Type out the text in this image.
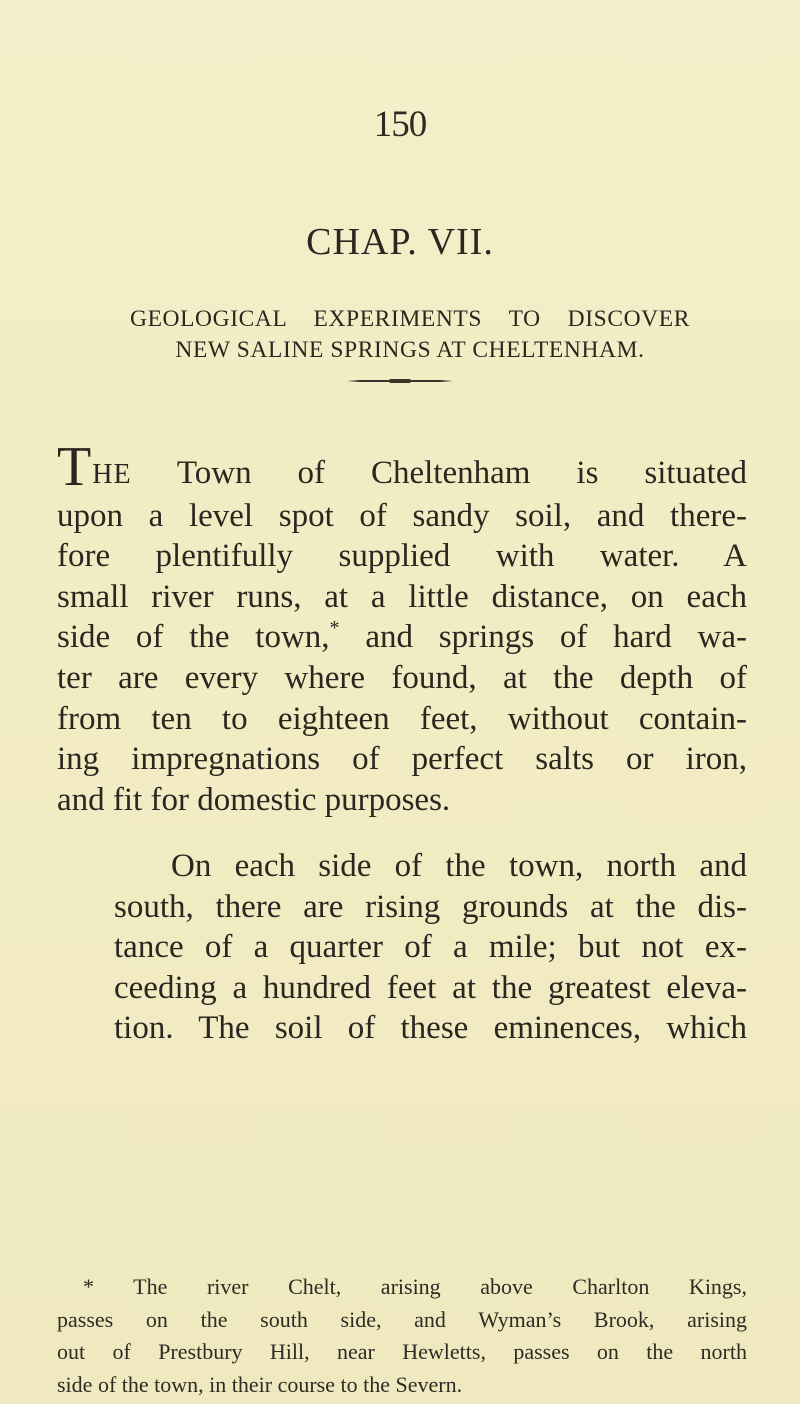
150
CHAP. VII.
GEOLOGICAL EXPERIMENTS TO DISCOVER
NEW SALINE SPRINGS AT CHELTENHAM.
THE Town of Cheltenham is situated
upon a level spot of sandy soil, and there-
fore plentifully supplied with water. A
small river runs, at a little distance, on each
side of the town,* and springs of hard wa-
ter are every where found, at the depth of
from ten to eighteen feet, without contain-
ing impregnations of perfect salts or iron,
and fit for domestic purposes.
On each side of the town, north and
south, there are rising grounds at the dis-
tance of a quarter of a mile; but not ex-
ceeding a hundred feet at the greatest eleva-
tion. The soil of these eminences, which
* The river Chelt, arising above Charlton Kings,
passes on the south side, and Wyman’s Brook, arising
out of Prestbury Hill, near Hewletts, passes on the north
side of the town, in their course to the Severn.
